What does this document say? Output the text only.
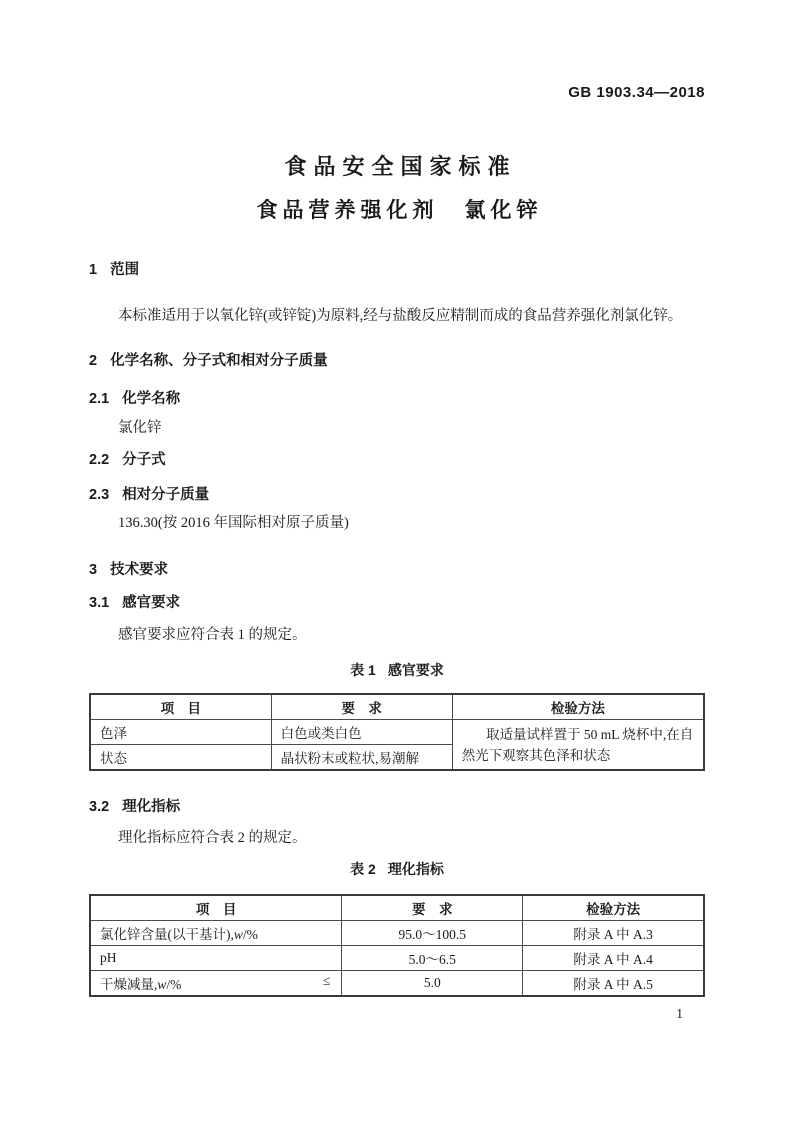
GB 1903.34—2018
食品安全国家标准
食品营养强化剂　氯化锌
1 范围

本标准适用于以氧化锌(或锌锭)为原料,经与盐酸反应精制而成的食品营养强化剂氯化锌。

2 化学名称、分子式和相对分子质量
2.1 化学名称

氯化锌

2.2 分子式

2.3 相对分子质量

136.30(按 2016 年国际相对原子质量)

3 技术要求
3.1 感官要求

感官要求应符合表 1 的规定。

表 1 感官要求
项　目	要　求	检验方法
色泽	白色或类白色	取适量试样置于 50 mL 烧杯中,在自然光下观察其色泽和状态

状态	晶状粉末或粒状,易潮解	
3.2 理化指标

理化指标应符合表 2 的规定。

表 2 理化指标
项　目	要　求	检验方法

氯化锌含量(以干基计),w/%	95.0～100.5	附录 A 中 A.3

pH	5.0～6.5	附录 A 中 A.4

≤
干燥减量,w/%	5.0	附录 A 中 A.5
1
